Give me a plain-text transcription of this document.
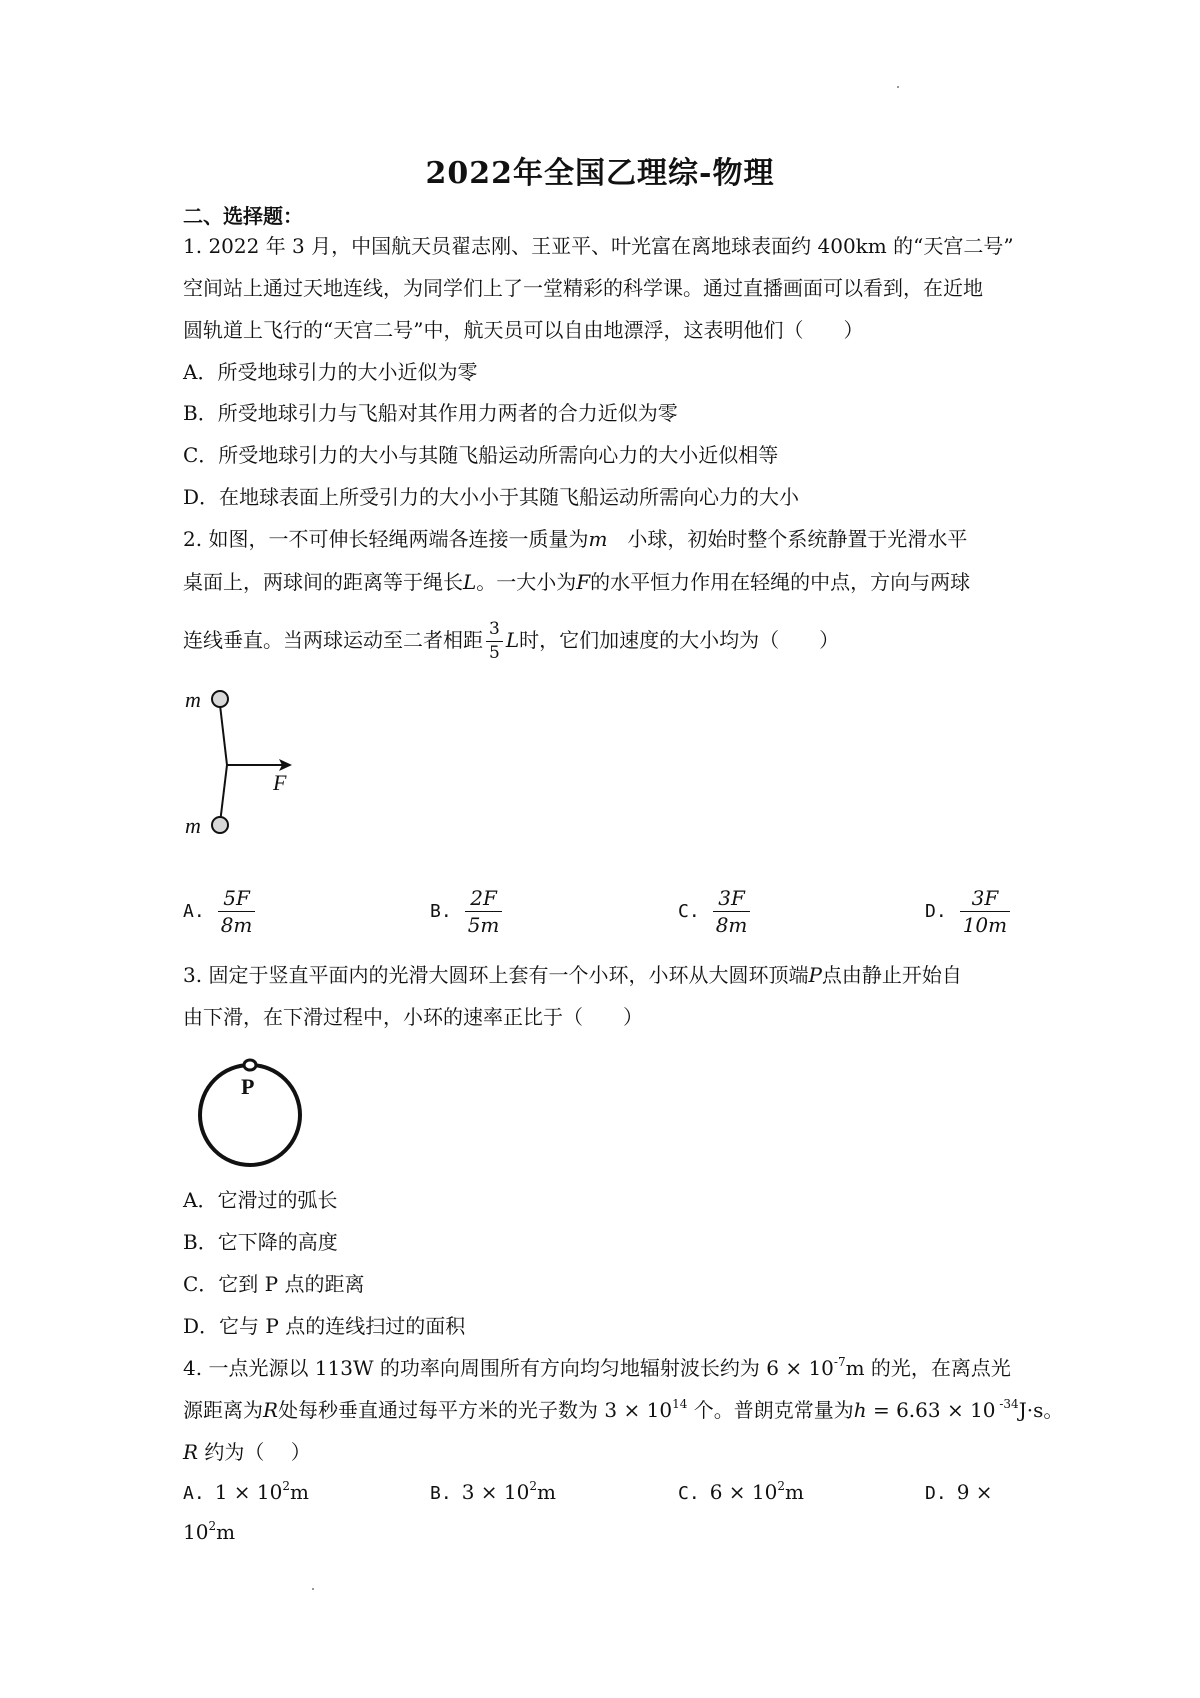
2022年全国乙理综-物理
二、选择题：
1. 2022 年 3 月，中国航天员翟志刚、王亚平、叶光富在离地球表面约 400km 的“天宫二号”
空间站上通过天地连线，为同学们上了一堂精彩的科学课。通过直播画面可以看到，在近地
圆轨道上飞行的“天宫二号”中，航天员可以自由地漂浮，这表明他们（　　）
A．所受地球引力的大小近似为零
B．所受地球引力与飞船对其作用力两者的合力近似为零
C．所受地球引力的大小与其随飞船运动所需向心力的大小近似相等
D．在地球表面上所受引力的大小小于其随飞船运动所需向心力的大小
2. 如图，一不可伸长轻绳两端各连接一质量为m　小球，初始时整个系统静置于光滑水平
桌面上，两球间的距离等于绳长L。一大小为F的水平恒力作用在轻绳的中点，方向与两球
连线垂直。当两球运动至二者相距 $\frac{3}{5}$ L时，它们加速度的大小均为（　　）
m
m
F
A. $\frac{5F}{8m}$	B. $\frac{2F}{5m}$	C. $\frac{3F}{8m}$	D. $\frac{3F}{10m}$
3. 固定于竖直平面内的光滑大圆环上套有一个小环，小环从大圆环顶端P点由静止开始自
由下滑，在下滑过程中，小环的速率正比于（　　）
P
A．它滑过的弧长
B．它下降的高度
C．它到 P 点的距离
D．它与 P 点的连线扫过的面积
4. 一点光源以 113W 的功率向周围所有方向均匀地辐射波长约为 $6 \times 10^{-7}m$ 的光，在离点光
源距离为R处每秒垂直通过每平方米的光子数为 $3 \times 10^{14}$ 个。普朗克常量为h = 6.63 × 10 $^{-34}$J·s。
R 约为（　 ）
A. $1 \times 10^2m$	B. $3 \times 10^2m$	C. $6 \times 10^2m$	D. 9 ×
$10^2m$
